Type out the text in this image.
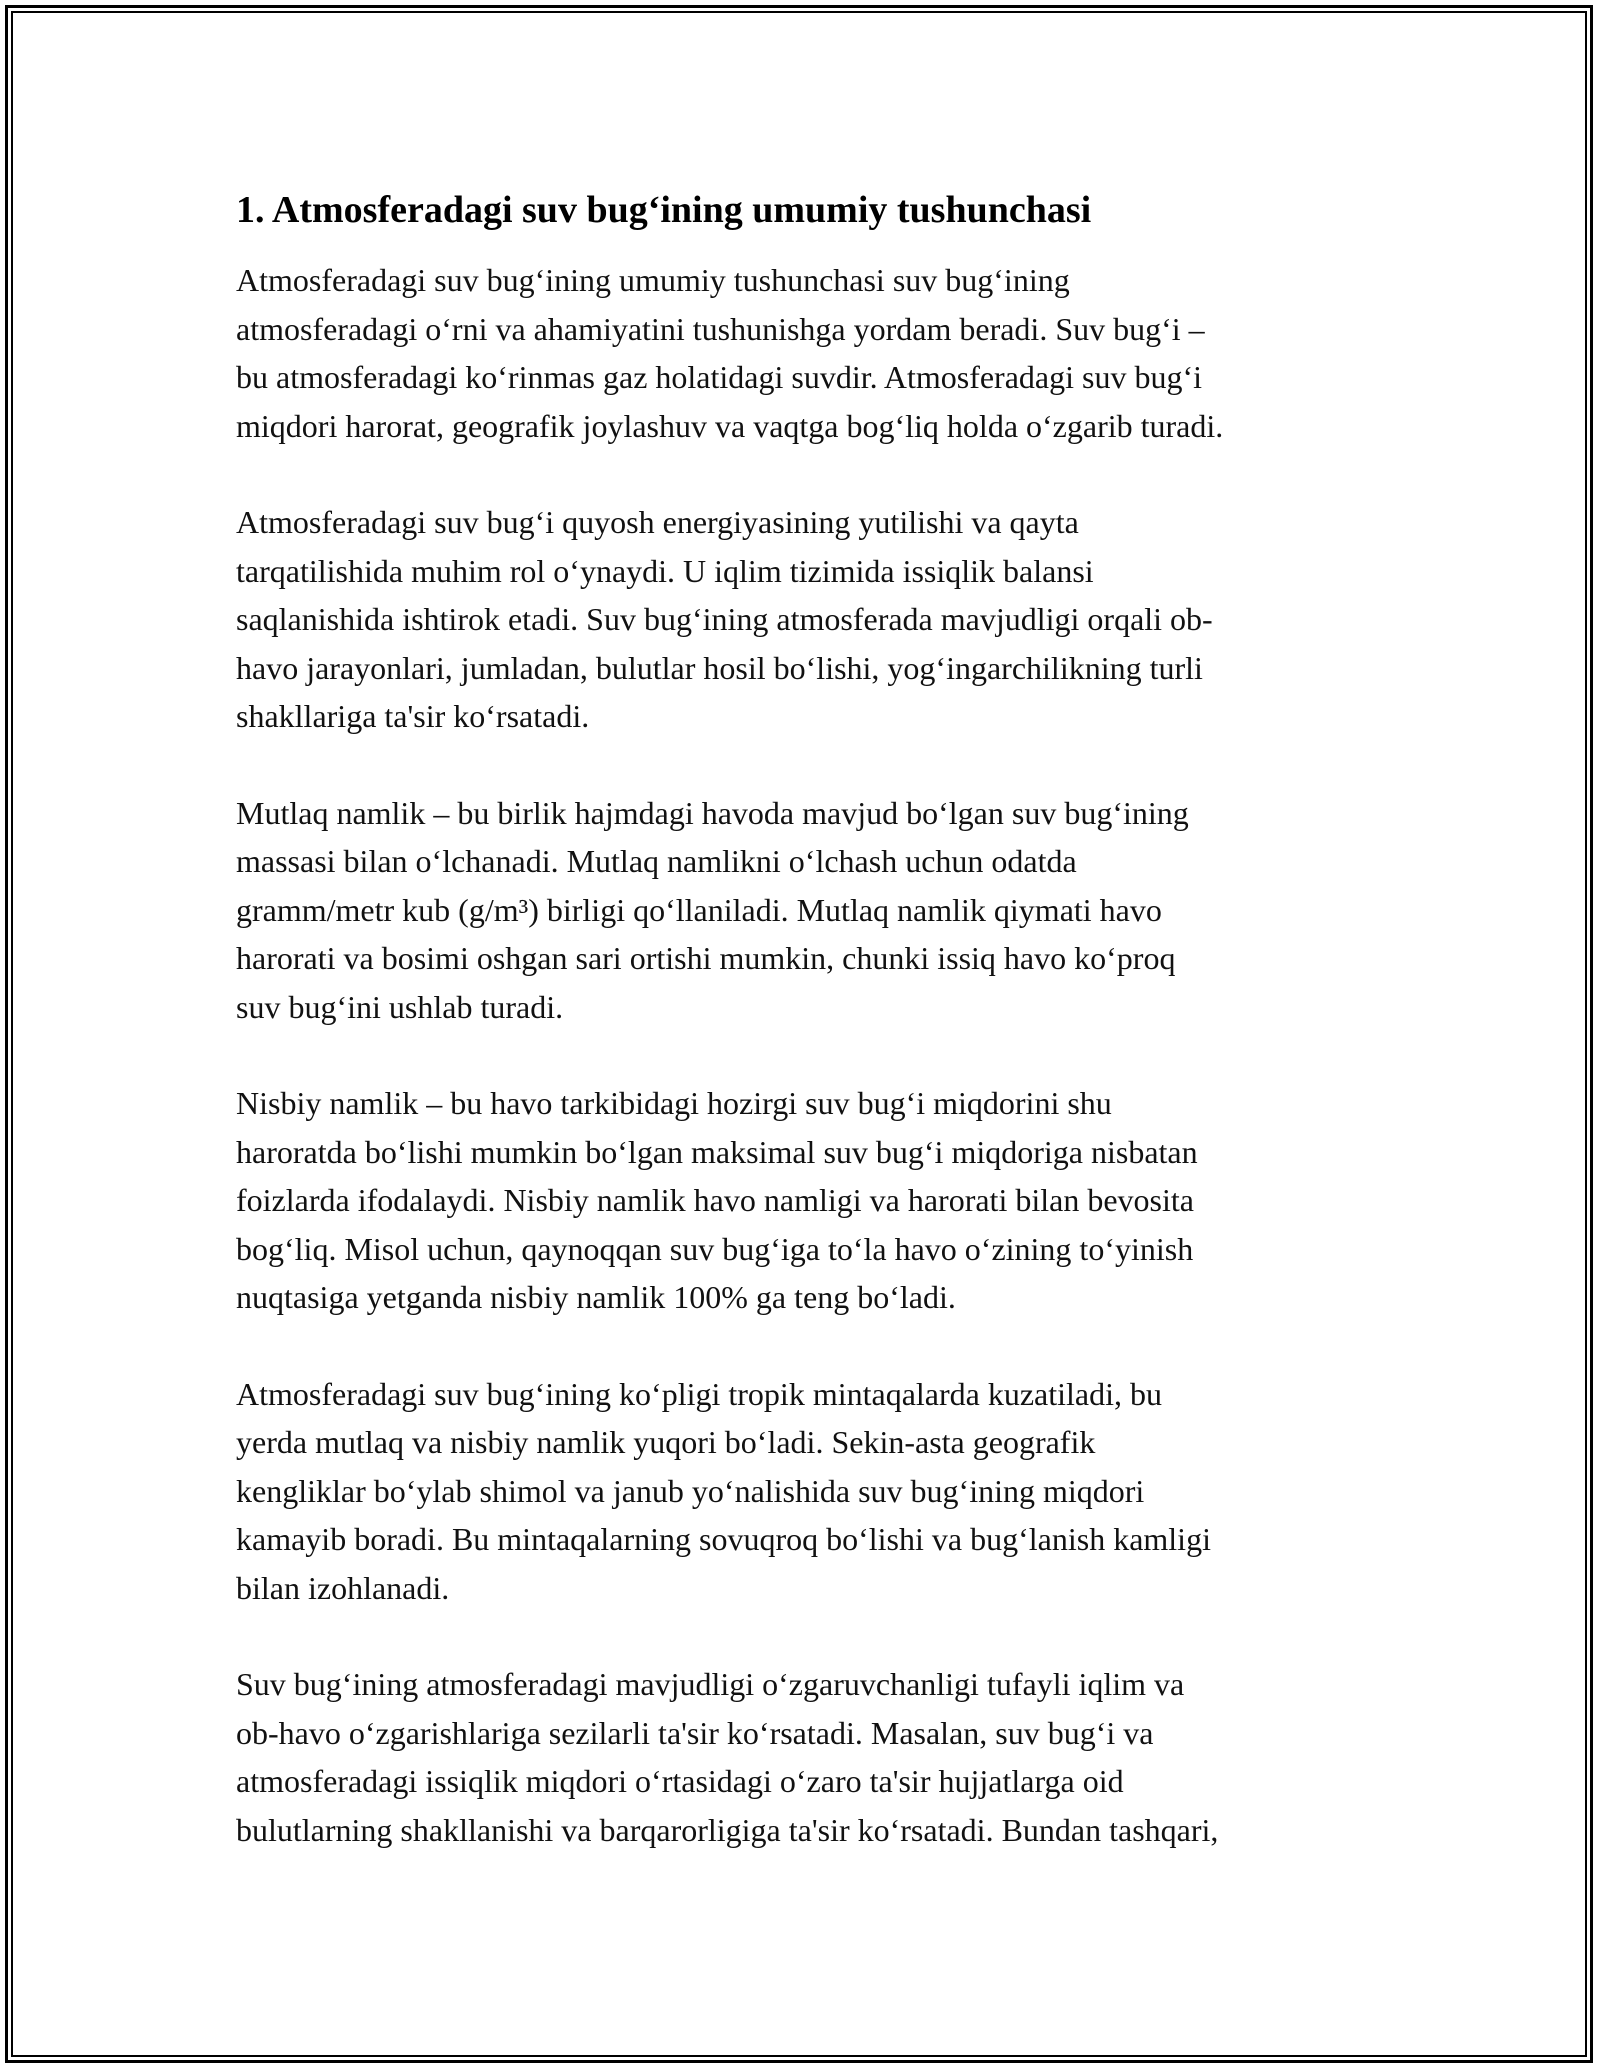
1. Atmosferadagi suv bug‘ining umumiy tushunchasi
Atmosferadagi suv bug‘ining umumiy tushunchasi suv bug‘ining
atmosferadagi o‘rni va ahamiyatini tushunishga yordam beradi. Suv bug‘i –
bu atmosferadagi ko‘rinmas gaz holatidagi suvdir. Atmosferadagi suv bug‘i
miqdori harorat, geografik joylashuv va vaqtga bog‘liq holda o‘zgarib turadi.
Atmosferadagi suv bug‘i quyosh energiyasining yutilishi va qayta
tarqatilishida muhim rol o‘ynaydi. U iqlim tizimida issiqlik balansi
saqlanishida ishtirok etadi. Suv bug‘ining atmosferada mavjudligi orqali ob-
havo jarayonlari, jumladan, bulutlar hosil bo‘lishi, yog‘ingarchilikning turli
shakllariga ta'sir ko‘rsatadi.
Mutlaq namlik – bu birlik hajmdagi havoda mavjud bo‘lgan suv bug‘ining
massasi bilan o‘lchanadi. Mutlaq namlikni o‘lchash uchun odatda
gramm/metr kub (g/m³) birligi qo‘llaniladi. Mutlaq namlik qiymati havo
harorati va bosimi oshgan sari ortishi mumkin, chunki issiq havo ko‘proq
suv bug‘ini ushlab turadi.
Nisbiy namlik – bu havo tarkibidagi hozirgi suv bug‘i miqdorini shu
haroratda bo‘lishi mumkin bo‘lgan maksimal suv bug‘i miqdoriga nisbatan
foizlarda ifodalaydi. Nisbiy namlik havo namligi va harorati bilan bevosita
bog‘liq. Misol uchun, qaynoqqan suv bug‘iga to‘la havo o‘zining to‘yinish
nuqtasiga yetganda nisbiy namlik 100% ga teng bo‘ladi.
Atmosferadagi suv bug‘ining ko‘pligi tropik mintaqalarda kuzatiladi, bu
yerda mutlaq va nisbiy namlik yuqori bo‘ladi. Sekin-asta geografik
kengliklar bo‘ylab shimol va janub yo‘nalishida suv bug‘ining miqdori
kamayib boradi. Bu mintaqalarning sovuqroq bo‘lishi va bug‘lanish kamligi
bilan izohlanadi.
Suv bug‘ining atmosferadagi mavjudligi o‘zgaruvchanligi tufayli iqlim va
ob-havo o‘zgarishlariga sezilarli ta'sir ko‘rsatadi. Masalan, suv bug‘i va
atmosferadagi issiqlik miqdori o‘rtasidagi o‘zaro ta'sir hujjatlarga oid
bulutlarning shakllanishi va barqarorligiga ta'sir ko‘rsatadi. Bundan tashqari,
